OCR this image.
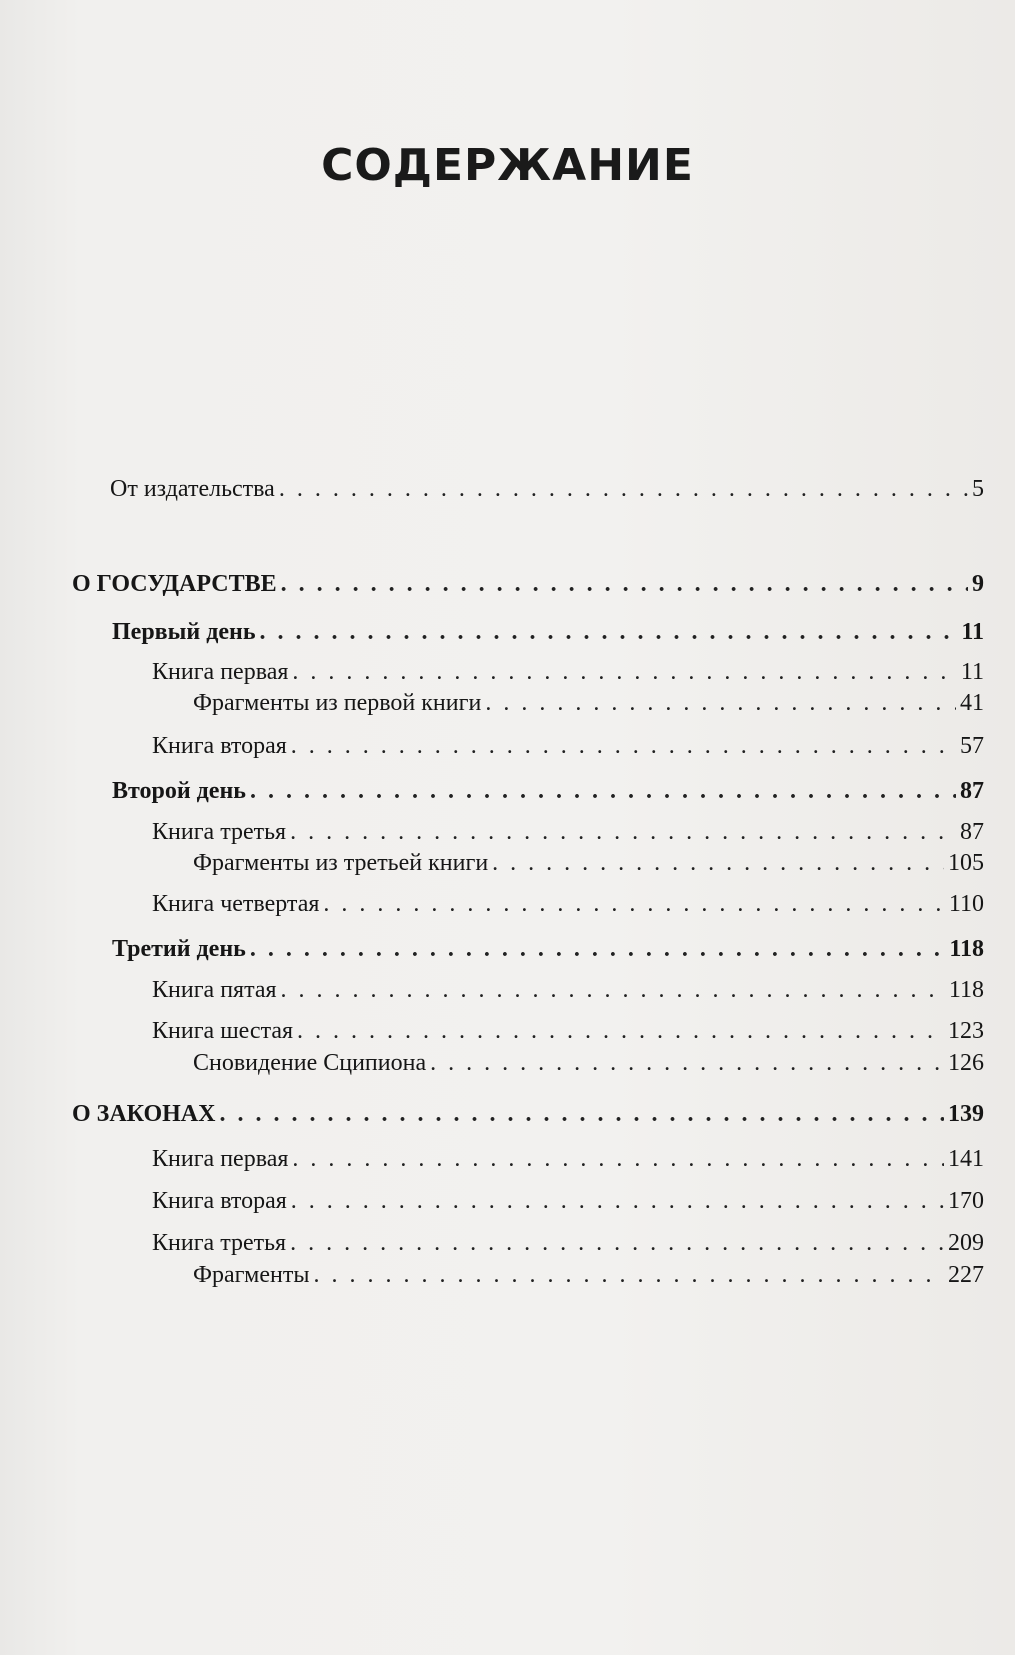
СОДЕРЖАНИЕ
От издательства . . .	5
О ГОСУДАРСТВЕ . . .	9
Первый день . . .	11
Книга первая . . .	11
Фрагменты из первой книги . . .	41
Книга вторая . . .	57
Второй день . . .	87
Книга третья . . .	87
Фрагменты из третьей книги . . .	105
Книга четвертая . . .	110
Третий день . . .	118
Книга пятая . . .	118
Книга шестая . . .	123
Сновидение Сципиона . . .	126
О ЗАКОНАХ . . .	139
Книга первая . . .	141
Книга вторая . . .	170
Книга третья . . .	209
Фрагменты . . .	227
